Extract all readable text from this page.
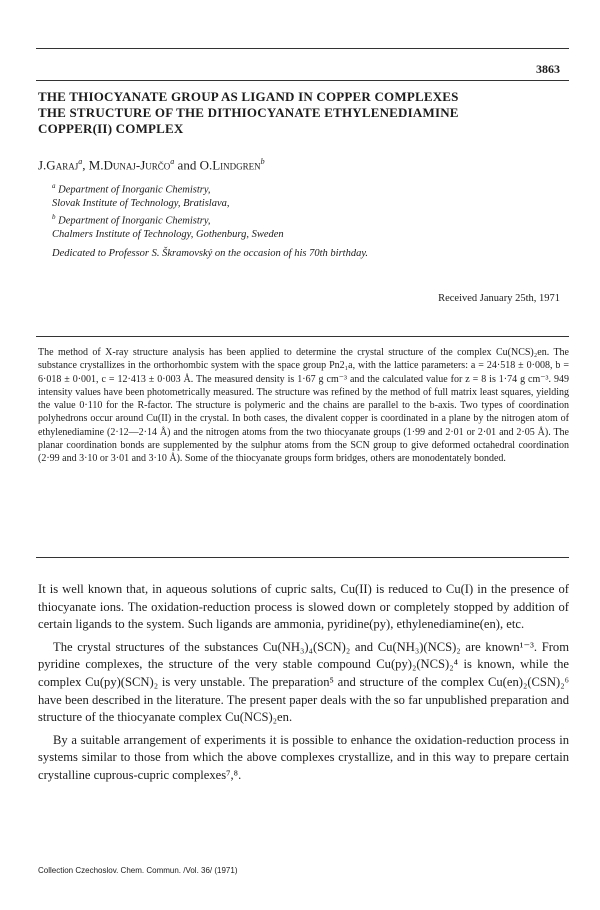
3863
THE THIOCYANATE GROUP AS LIGAND IN COPPER COMPLEXES
THE STRUCTURE OF THE DITHIOCYANATE ETHYLENEDIAMINE
COPPER(II) COMPLEX
J.Garaj$^a$, M.Dunaj-Jurčo$^a$ and O.Lindgren$^b$
$^a$ Department of Inorganic Chemistry,
Slovak Institute of Technology, Bratislava,
$^b$ Department of Inorganic Chemistry,
Chalmers Institute of Technology, Gothenburg, Sweden
Dedicated to Professor S. Škramovský on the occasion of his 70th birthday.
Received January 25th, 1971
The method of X-ray structure analysis has been applied to determine the crystal structure of the complex Cu(NCS)₂en. The substance crystallizes in the orthorhombic system with the space group Pn2₁a, with the lattice parameters: a = 24·518 ± 0·008, b = 6·018 ± 0·001, c = 12·413 ± 0·003 Å. The measured density is 1·67 g cm⁻³ and the calculated value for z = 8 is 1·74 g cm⁻³. 949 intensity values have been photometrically measured. The structure was refined by the method of full matrix least squares, yielding the value 0·110 for the R-factor. The structure is polymeric and the chains are parallel to the b-axis. Two types of coordination polyhedrons occur around Cu(II) in the crystal. In both cases, the divalent copper is coordinated in a plane by the nitrogen atom of ethylenediamine (2·12—2·14 Å) and the nitrogen atoms from the two thiocyanate groups (1·99 and 2·01 or 2·01 and 2·05 Å). The planar coordination bonds are supplemented by the sulphur atoms from the SCN group to give deformed octahedral coordination (2·99 and 3·10 or 3·01 and 3·10 Å). Some of the thiocyanate groups form bridges, others are monodentately bonded.

It is well known that, in aqueous solutions of cupric salts, Cu(II) is reduced to Cu(I) in the presence of thiocyanate ions. The oxidation-reduction process is slowed down or completely stopped by addition of certain ligands to the system. Such ligands are ammonia, pyridine(py), ethylenediamine(en), etc.

The crystal structures of the substances Cu(NH₃)₄(SCN)₂ and Cu(NH₃)(NCS)₂ are known¹⁻³. From pyridine complexes, the structure of the very stable compound Cu(py)₂(NCS)₂⁴ is known, while the complex Cu(py)(SCN)₂ is very unstable. The preparation⁵ and structure of the complex Cu(en)₂(CSN)₂⁶ have been described in the literature. The present paper deals with the so far unpublished preparation and structure of the thiocyanate complex Cu(NCS)₂en.

By a suitable arrangement of experiments it is possible to enhance the oxidation-reduction process in systems similar to those from which the above complexes crystallize, and in this way to prepare certain crystalline cuprous-cupric complexes⁷,⁸.

Collection Czechoslov. Chem. Commun. /Vol. 36/ (1971)
